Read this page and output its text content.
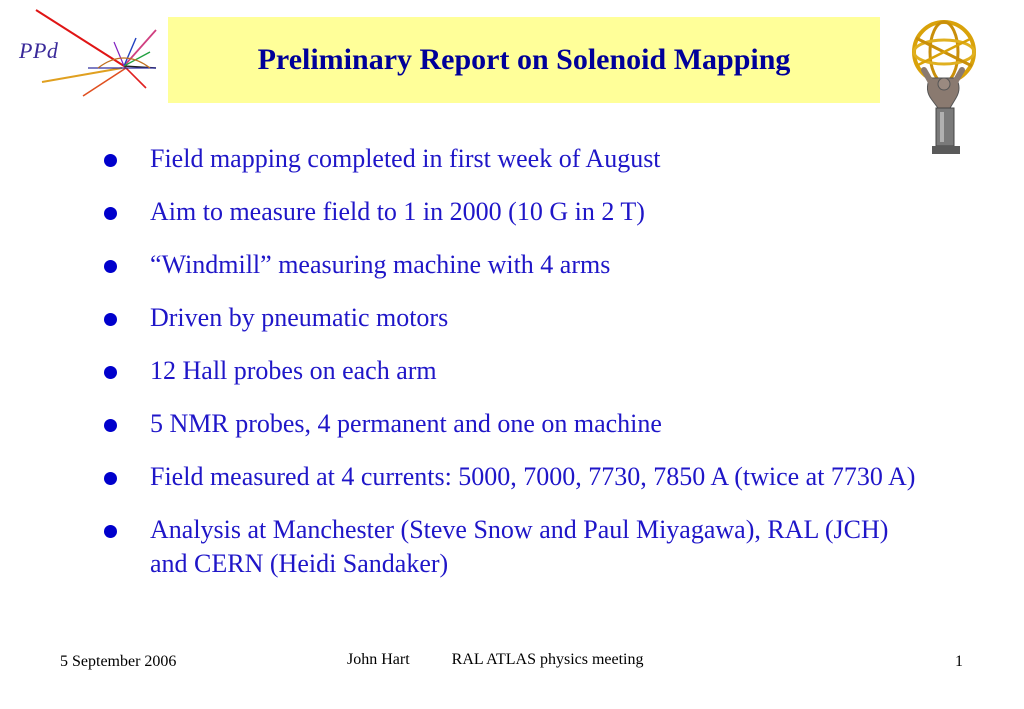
PPd	Preliminary Report on Solenoid Mapping
Field mapping completed in first week of August
Aim to measure field to 1 in 2000 (10 G in 2 T)
“Windmill” measuring machine with 4 arms
Driven by pneumatic motors
12 Hall probes on each arm
5 NMR probes, 4 permanent and one on machine
Field measured at 4 currents: 5000, 7000, 7730, 7850 A (twice at 7730 A)
Analysis at Manchester (Steve Snow and Paul Miyagawa), RAL (JCH) and CERN (Heidi Sandaker)
5 September 2006	John Hart	RAL ATLAS physics meeting	1
